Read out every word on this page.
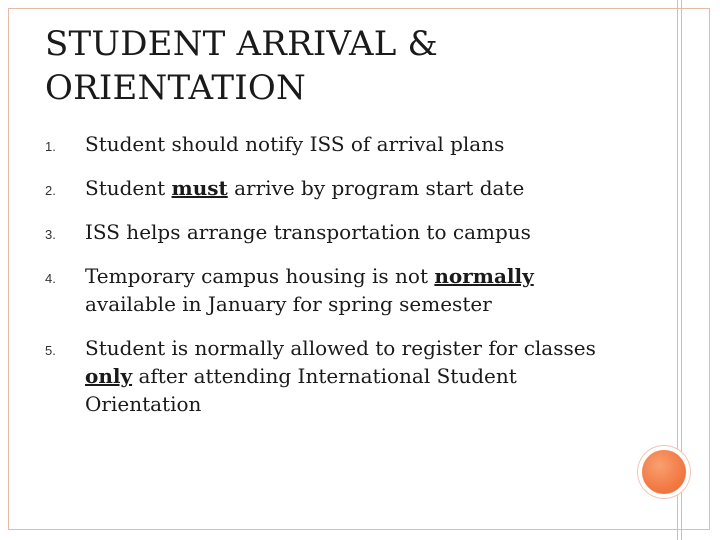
STUDENT ARRIVAL &
ORIENTATION
1. Student should notify ISS of arrival plans
2. Student must arrive by program start date
3. ISS helps arrange transportation to campus
4. Temporary campus housing is not normally available in January for spring semester
5. Student is normally allowed to register for classes only after attending International Student Orientation
